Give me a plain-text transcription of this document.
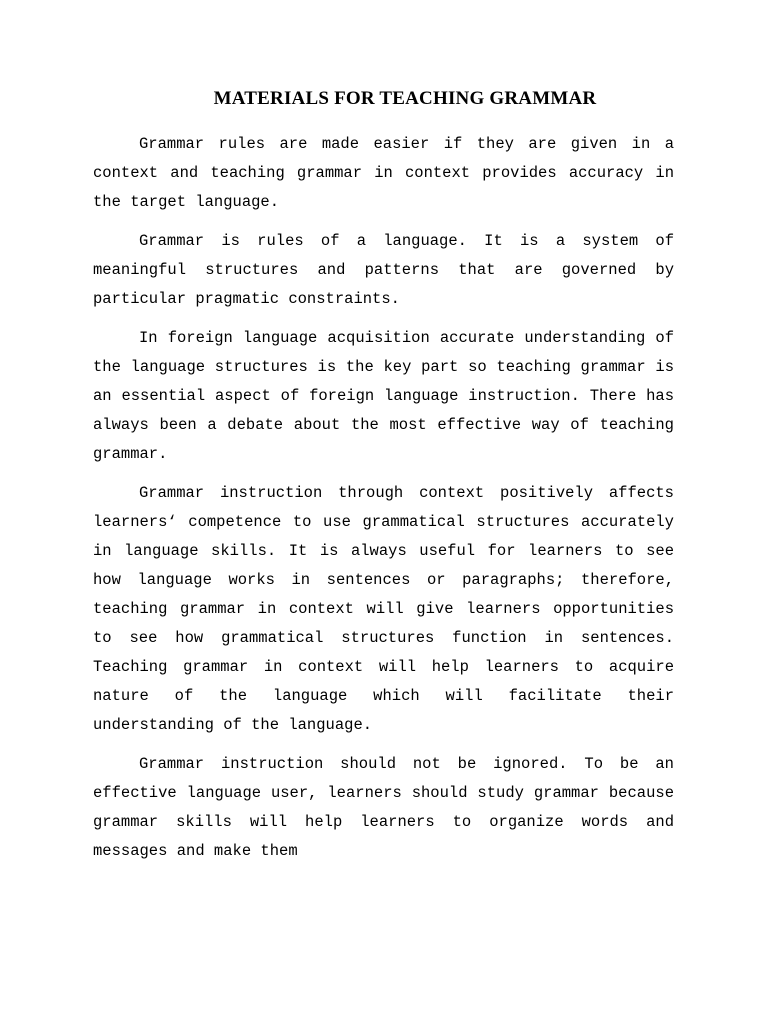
MATERIALS FOR TEACHING GRAMMAR

Grammar rules are made easier if they are given in a context and teaching grammar in context provides accuracy in the target language.

Grammar is rules of a language. It is a system of meaningful structures and patterns that are governed by particular pragmatic constraints.

In foreign language acquisition accurate understanding of the language structures is the key part so teaching grammar is an essential aspect of foreign language instruction. There has always been a debate about the most effective way of teaching grammar.

Grammar instruction through context positively affects learners‘ competence to use grammatical structures accurately in language skills. It is always useful for learners to see how language works in sentences or paragraphs; therefore, teaching grammar in context will give learners opportunities to see how grammatical structures function in sentences. Teaching grammar in context will help learners to acquire nature of the language which will facilitate their understanding of the language.

Grammar instruction should not be ignored. To be an effective language user, learners should study grammar because grammar skills will help learners to organize words and messages and make them
